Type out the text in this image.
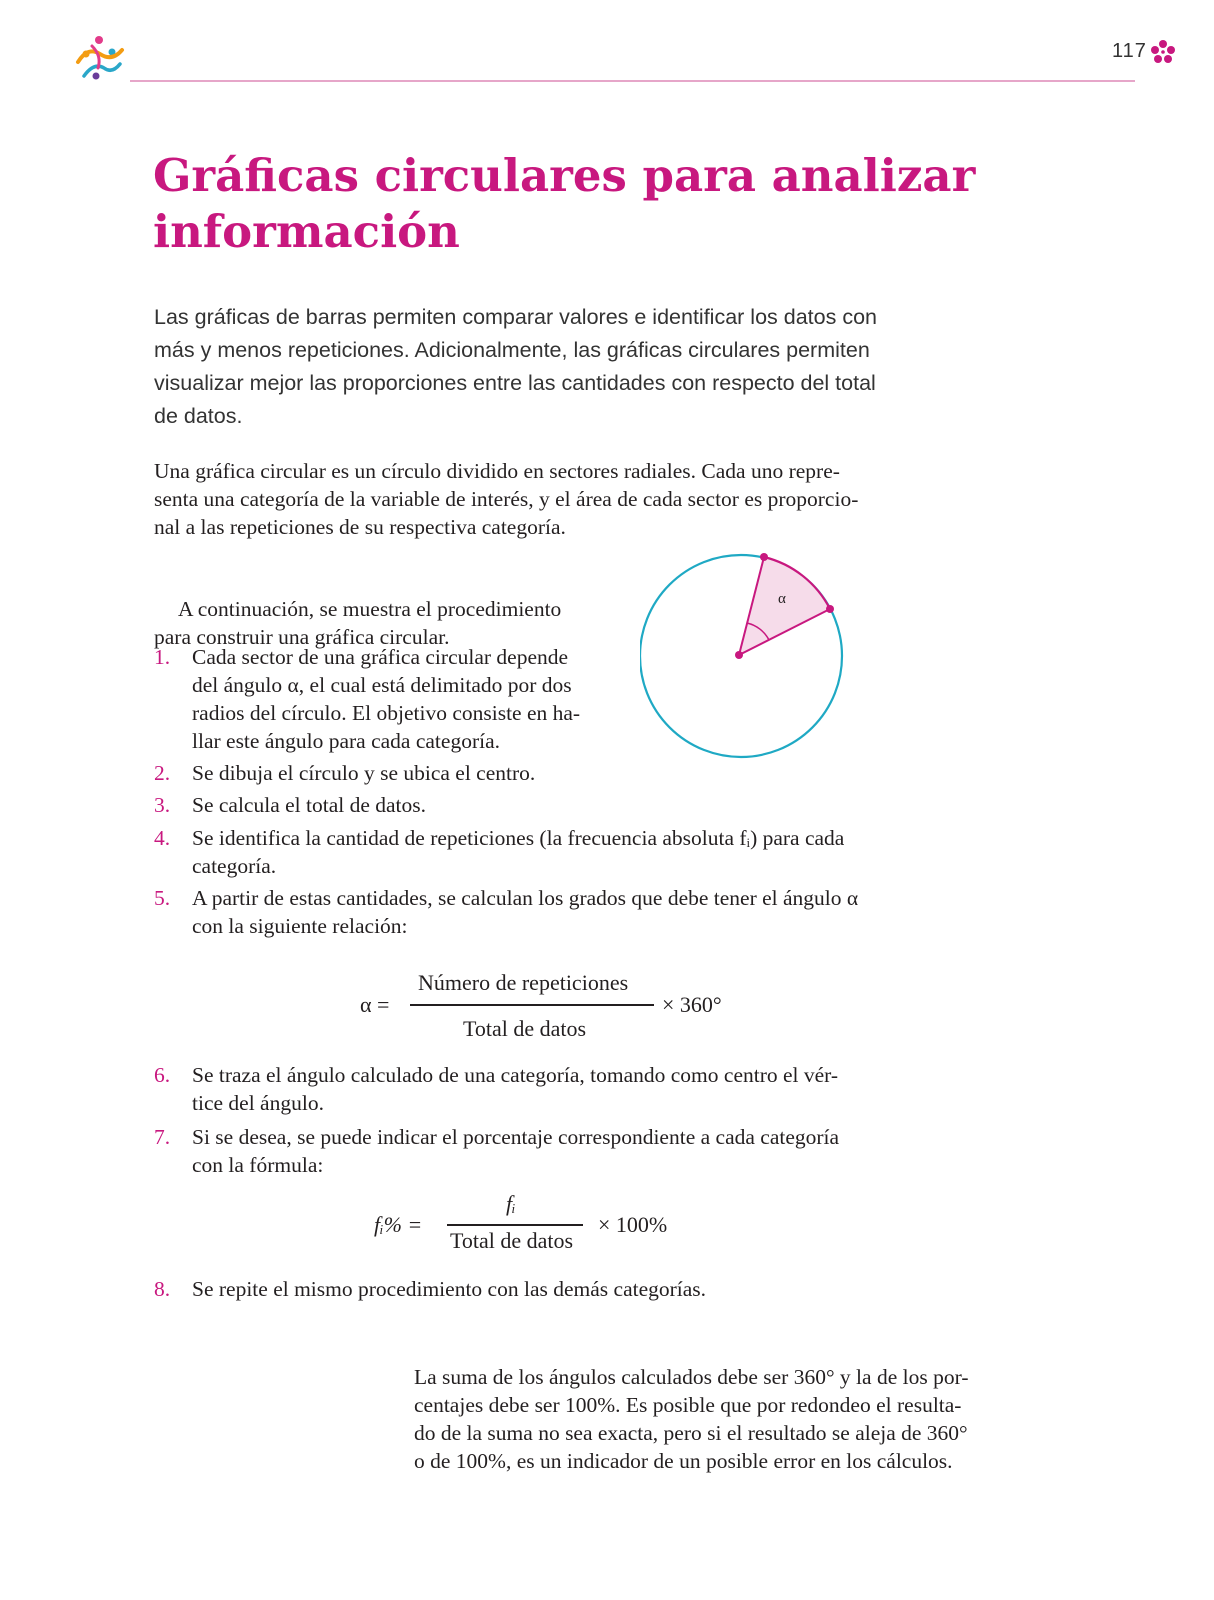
117
Gráficas circulares para analizar
información

Las gráficas de barras permiten comparar valores e identificar los datos con
más y menos repeticiones. Adicionalmente, las gráficas circulares permiten
visualizar mejor las proporciones entre las cantidades con respecto del total
de datos.

Una gráfica circular es un círculo dividido en sectores radiales. Cada uno repre-
senta una categoría de la variable de interés, y el área de cada sector es proporcio-
nal a las repeticiones de su respectiva categoría.

A continuación, se muestra el procedimiento
para construir una gráfica circular.

α
1. Cada sector de una gráfica circular depende
del ángulo α, el cual está delimitado por dos
radios del círculo. El objetivo consiste en ha-
llar este ángulo para cada categoría.
2. Se dibuja el círculo y se ubica el centro.
3. Se calcula el total de datos.
4. Se identifica la cantidad de repeticiones (la frecuencia absoluta fᵢ) para cada
categoría.
5. A partir de estas cantidades, se calculan los grados que debe tener el ángulo α
con la siguiente relación:
α =
Número de repeticiones
Total de datos
× 360°
6. Se traza el ángulo calculado de una categoría, tomando como centro el vér-
tice del ángulo.
7. Si se desea, se puede indicar el porcentaje correspondiente a cada categoría
con la fórmula:
fᵢ% =
fᵢ
Total de datos
× 100%
8. Se repite el mismo procedimiento con las demás categorías.

La suma de los ángulos calculados debe ser 360° y la de los por-
centajes debe ser 100%. Es posible que por redondeo el resulta-
do de la suma no sea exacta, pero si el resultado se aleja de 360°
o de 100%, es un indicador de un posible error en los cálculos.
